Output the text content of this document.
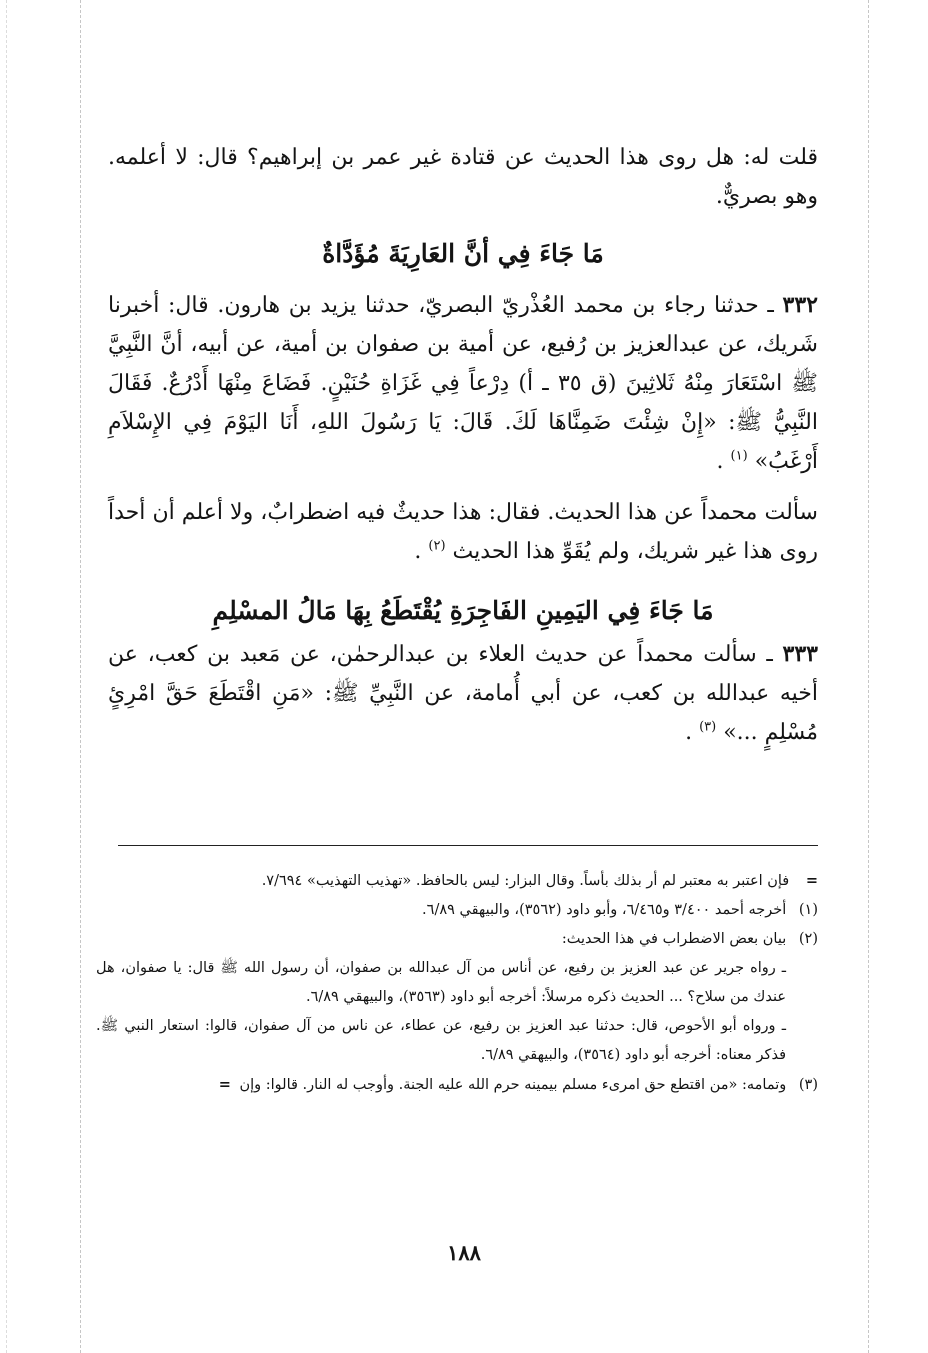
قلت له: هل روى هذا الحديث عن قتادة غير عمر بن إبراهيم؟ قال: لا أعلمه. وهو بصريٌّ.

مَا جَاءَ فِي أنَّ العَارِيَةَ مُؤَدَّاةٌ

٣٣٢ ـ حدثنا رجاء بن محمد العُذْريّ البصريّ، حدثنا يزيد بن هارون. قال: أخبرنا شَريك، عن عبدالعزيز بن رُفيع، عن أمية بن صفوان بن أمية، عن أبيه، أنَّ النَّبِيَّ ﷺ اسْتَعَارَ مِنْهُ ثَلاثِينَ (ق ٣٥ ـ أ) دِرْعاً فِي غَزَاةِ حُنَيْنٍ. فَضَاعَ مِنْهَا أَدْرُعٌ. فَقَالَ النَّبِيُّ ﷺ: «إِنْ شِئْتَ ضَمِنَّاهَا لَكَ. قَالَ: يَا رَسُولَ اللهِ، أَنَا اليَوْمَ فِي الإِسْلاَمِ أَرْغَبُ» $^{(١)}$ .

سألت محمداً عن هذا الحديث. فقال: هذا حديثٌ فيه اضطرابٌ، ولا أعلم أن أحداً روى هذا غير شريك، ولم يُقَوِّ هذا الحديث $^{(٢)}$ .

مَا جَاءَ فِي اليَمِينِ الفَاجِرَةِ يُقْتَطَعُ بِهَا مَالُ المسْلِمِ

٣٣٣ ـ سألت محمداً عن حديث العلاء بن عبدالرحمٰن، عن مَعبد بن كعب، عن أخيه عبدالله بن كعب، عن أبي أُمامة، عن النَّبِيِّ ﷺ: «مَنِ اقْتَطَعَ حَقَّ امْرِئٍ مُسْلِمٍ ...» $^{(٣)}$ .

= فإن اعتبر به معتبر لم أر بذلك بأساً. وقال البزار: ليس بالحافظ. «تهذيب التهذيب» ٧/٦٩٤.

(١) أخرجه أحمد ٣/٤٠٠ و٦/٤٦٥، وأبو داود (٣٥٦٢)، والبيهقي ٦/٨٩.

(٢) بيان بعض الاضطراب في هذا الحديث:

ـ رواه جرير عن عبد العزيز بن رفيع، عن أناس من آل عبدالله بن صفوان، أن رسول الله ﷺ قال: يا صفوان، هل عندك من سلاح؟ ... الحديث ذكره مرسلاً: أخرجه أبو داود (٣٥٦٣)، والبيهقي ٦/٨٩.

ـ ورواه أبو الأحوص، قال: حدثنا عبد العزيز بن رفيع، عن عطاء، عن ناس من آل صفوان، قالوا: استعار النبي ﷺ. فذكر معناه: أخرجه أبو داود (٣٥٦٤)، والبيهقي ٦/٨٩.

(٣) وتمامه: «من اقتطع حق امرىء مسلم بيمينه حرم الله عليه الجنة. وأوجب له النار. قالوا: وإن =

١٨٨
